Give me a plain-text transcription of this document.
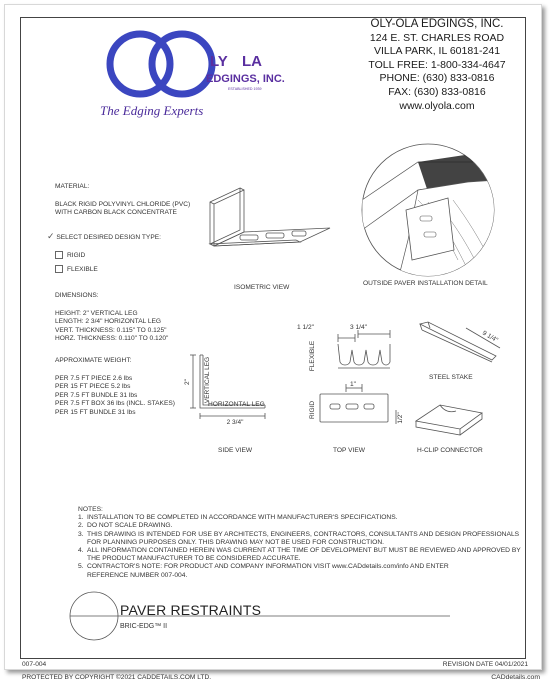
LY LA
EDGINGS, INC.
ESTABLISHED 1939
The Edging Experts
OLY-OLA EDGINGS, INC.
124 E. ST. CHARLES ROAD
VILLA PARK, IL 60181-241
TOLL FREE: 1-800-334-4647
PHONE: (630) 833-0816
FAX: (630) 833-0816
www.olyola.com
MATERIAL:
BLACK RIGID POLYVINYL CHLORIDE (PVC)
WITH CARBON BLACK CONCENTRATE
✓ SELECT DESIRED DESIGN TYPE:
RIGID
FLEXIBLE
DIMENSIONS:
HEIGHT: 2" VERTICAL LEG
LENGTH: 2 3/4" HORIZONTAL LEG
VERT. THICKNESS: 0.115" TO 0.125"
HORZ. THICKNESS: 0.110" TO 0.120"
APPROXIMATE WEIGHT:
PER 7.5 FT PIECE 2.6 lbs
PER 15 FT PIECE 5.2 lbs
PER 7.5 FT BUNDLE 31 lbs
PER 7.5 FT BOX 36 lbs (INCL. STAKES)
PER 15 FT BUNDLE 31 lbs
ISOMETRIC VIEW
OUTSIDE PAVER INSTALLATION DETAIL
2" VERTICAL LEG
2 3/4"
HORIZONTAL LEG
SIDE VIEW
FLEXIBLE
RIGID	1/2"
1 1/2"	3 1/4"
1"
TOP VIEW
9 1/4"
STEEL STAKE
H-CLIP CONNECTOR
NOTES:
1. INSTALLATION TO BE COMPLETED IN ACCORDANCE WITH MANUFACTURER'S SPECIFICATIONS.
2. DO NOT SCALE DRAWING.
3. THIS DRAWING IS INTENDED FOR USE BY ARCHITECTS, ENGINEERS, CONTRACTORS, CONSULTANTS AND DESIGN PROFESSIONALS
FOR PLANNING PURPOSES ONLY. THIS DRAWING MAY NOT BE USED FOR CONSTRUCTION.
4. ALL INFORMATION CONTAINED HEREIN WAS CURRENT AT THE TIME OF DEVELOPMENT BUT MUST BE REVIEWED AND APPROVED BY
THE PRODUCT MANUFACTURER TO BE CONSIDERED ACCURATE.
5. CONTRACTOR'S NOTE: FOR PRODUCT AND COMPANY INFORMATION VISIT www.CADdetails.com/info AND ENTER
REFERENCE NUMBER 007-004.
PAVER RESTRAINTS
BRIC-EDG™ II
007-004	REVISION DATE 04/01/2021
PROTECTED BY COPYRIGHT ©2021 CADDETAILS.COM LTD.	CADdetails.com
